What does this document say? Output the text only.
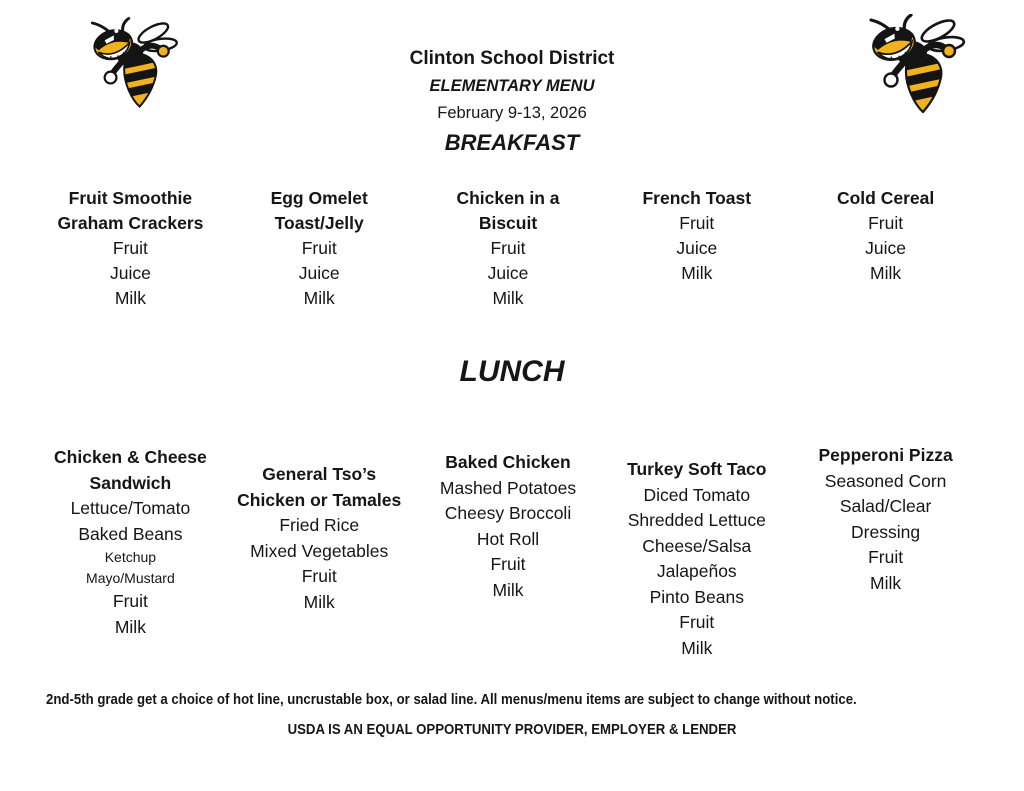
Clinton School District
ELEMENTARY MENU
February 9-13, 2026
BREAKFAST
Fruit Smoothie
Graham Crackers
Fruit
Juice
Milk
Egg Omelet
Toast/Jelly
Fruit
Juice
Milk
Chicken in a
Biscuit
Fruit
Juice
Milk
French Toast
Fruit
Juice
Milk
Cold Cereal
Fruit
Juice
Milk
LUNCH
Chicken & Cheese
Sandwich
Lettuce/Tomato
Baked Beans
Ketchup
Mayo/Mustard
Fruit
Milk
General Tso’s
Chicken or Tamales
Fried Rice
Mixed Vegetables
Fruit
Milk
Baked Chicken
Mashed Potatoes
Cheesy Broccoli
Hot Roll
Fruit
Milk
Turkey Soft Taco
Diced Tomato
Shredded Lettuce
Cheese/Salsa
Jalapeños
Pinto Beans
Fruit
Milk
Pepperoni Pizza
Seasoned Corn
Salad/Clear
Dressing
Fruit
Milk
2nd-5th grade get a choice of hot line, uncrustable box, or salad line. All menus/menu items are subject to change without notice.
USDA IS AN EQUAL OPPORTUNITY PROVIDER, EMPLOYER & LENDER
